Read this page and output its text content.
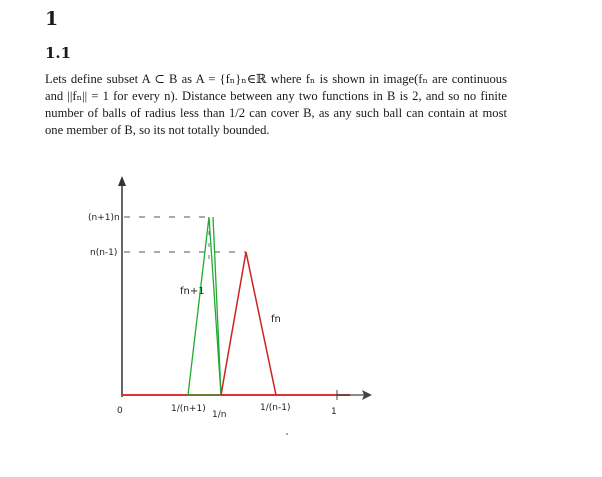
1
1.1

Lets define subset A ⊂ B as A = {fₙ}ₙ∈ℝ where fₙ is shown in image(fₙ are continuous and ||fₙ|| = 1 for every n). Distance between any two functions in B is 2, and so no finite number of balls of radius less than 1/2 can cover B, as any such ball can contain at most one member of B, so its not totally bounded.

(n+1)n
n(n-1)
0	1/(n+1)
1/n
1/(n-1)	1
fn+1
fn
